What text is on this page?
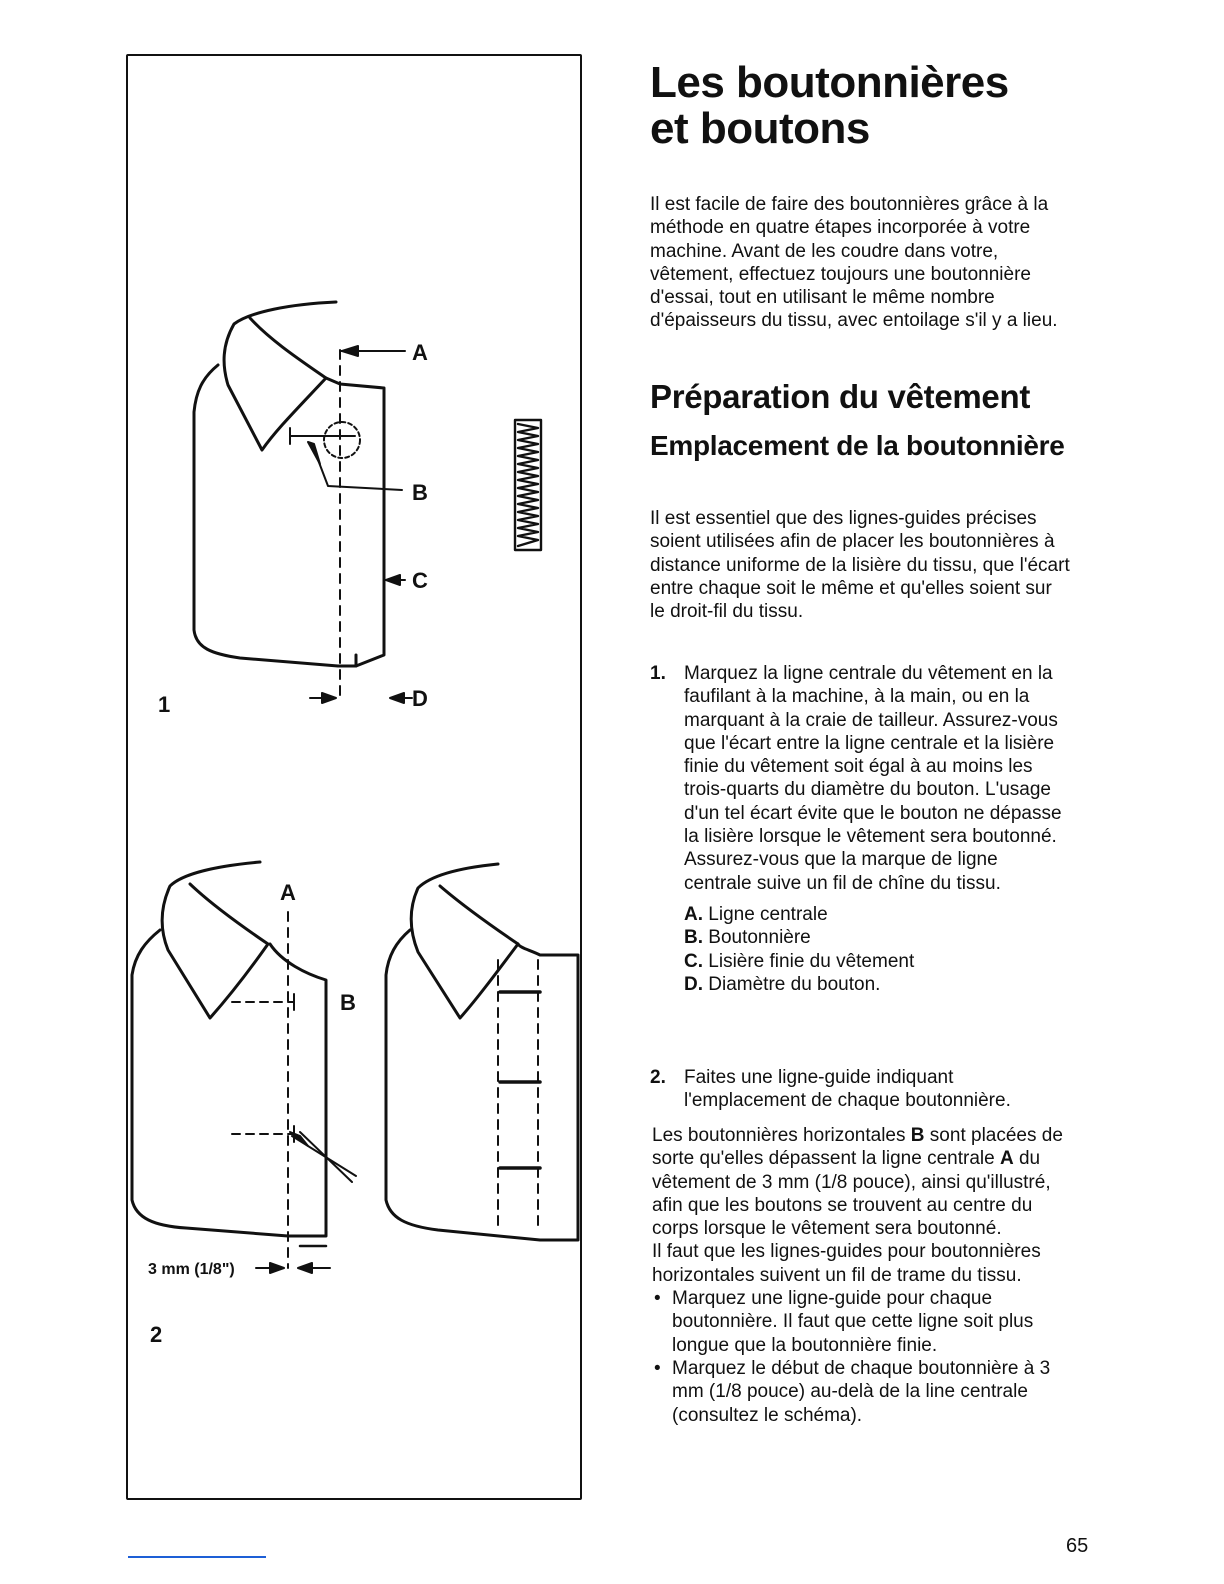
A
B
C
D
1
A
B
3 mm (1/8")
2
Les boutonnières
et boutons

Il est facile de faire des boutonnières grâce à la méthode en quatre étapes incorporée à votre machine. Avant de les coudre dans votre, vêtement, effectuez toujours une boutonnière d'essai, tout en utilisant le même nombre d'épaisseurs du tissu, avec entoilage s'il y a lieu.

Préparation du vêtement
Emplacement de la boutonnière

Il est essentiel que des lignes-guides précises soient utilisées afin de placer les boutonnières à distance uniforme de la lisière du tissu, que l'écart entre chaque soit le même et qu'elles soient sur le droit-fil du tissu.

1. Marquez la ligne centrale du vêtement en la faufilant à la machine, à la main, ou en la marquant à la craie de tailleur. Assurez-vous que l'écart entre la ligne centrale et la lisière finie du vêtement soit égal à au moins les trois-quarts du diamètre du bouton. L'usage d'un tel écart évite que le bouton ne dépasse la lisière lorsque le vêtement sera boutonné.

Assurez-vous que la marque de ligne centrale suive un fil de chîne du tissu.

A. Ligne centrale
B. Boutonnière
C. Lisière finie du vêtement
D. Diamètre du bouton.
2. Faites une ligne-guide indiquant l'emplacement de chaque boutonnière.

Les boutonnières horizontales B sont placées de sorte qu'elles dépassent la ligne centrale A du vêtement de 3 mm (1/8 pouce), ainsi qu'illustré, afin que les boutons se trouvent au centre du corps lorsque le vêtement sera boutonné.

Il faut que les lignes-guides pour boutonnières horizontales suivent un fil de trame du tissu.

• Marquez une ligne-guide pour chaque boutonnière. Il faut que cette ligne soit plus longue que la boutonnière finie.
• Marquez le début de chaque boutonnière à 3 mm (1/8 pouce) au-delà de la line centrale (consultez le schéma).
65
